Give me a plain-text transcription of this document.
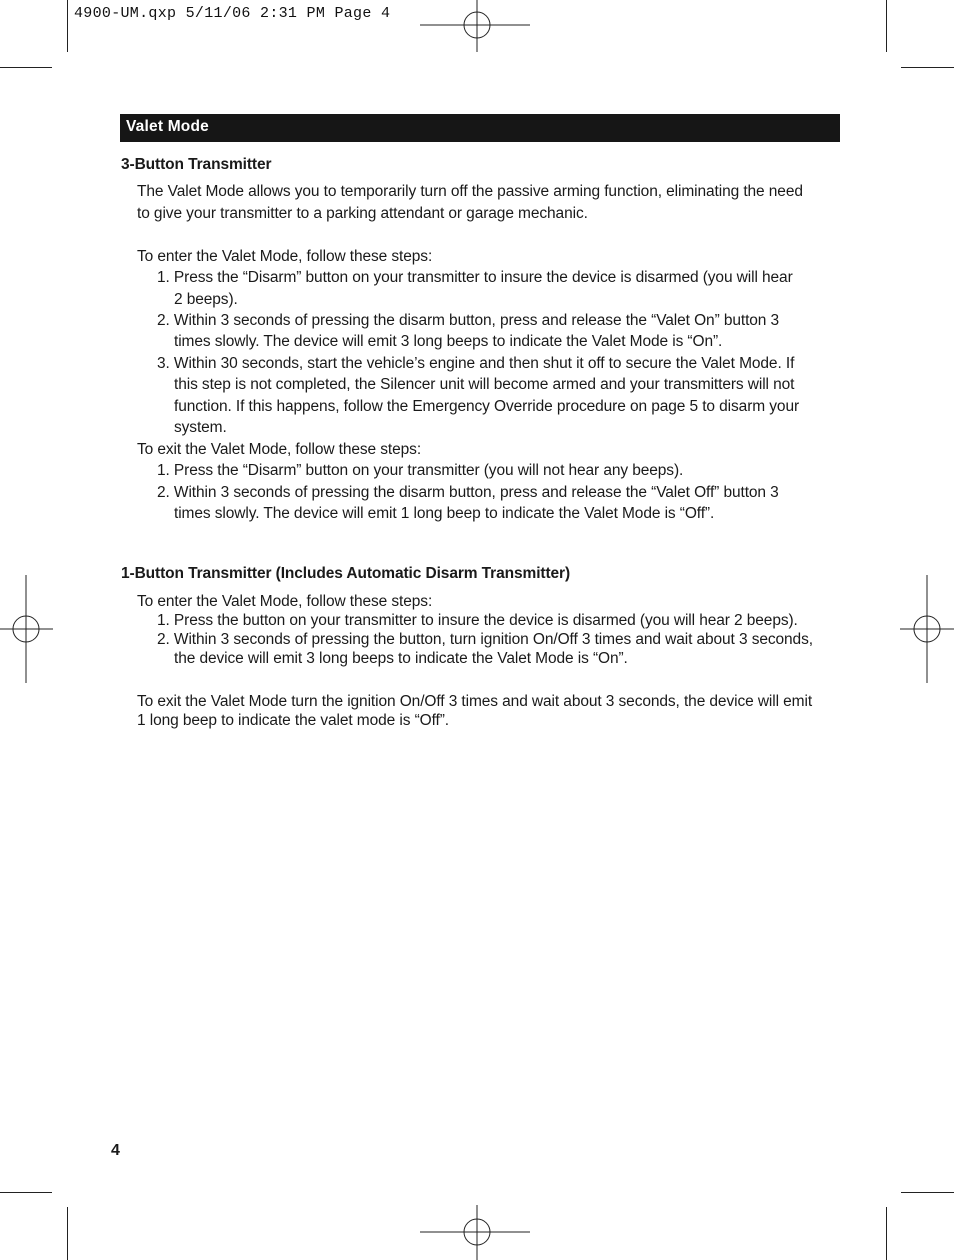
4900-UM.qxp 5/11/06 2:31 PM Page 4
Valet Mode
3-Button Transmitter
The Valet Mode allows you to temporarily turn off the passive arming function, eliminating the need
to give your transmitter to a parking attendant or garage mechanic.
To enter the Valet Mode, follow these steps:
1. Press the “Disarm” button on your transmitter to insure the device is disarmed (you will hear
2 beeps).
2. Within 3 seconds of pressing the disarm button, press and release the “Valet On” button 3
times slowly. The device will emit 3 long beeps to indicate the Valet Mode is “On”.
3. Within 30 seconds, start the vehicle’s engine and then shut it off to secure the Valet Mode. If
this step is not completed, the Silencer unit will become armed and your transmitters will not
function. If this happens, follow the Emergency Override procedure on page 5 to disarm your
system.
To exit the Valet Mode, follow these steps:
1. Press the “Disarm” button on your transmitter (you will not hear any beeps).
2. Within 3 seconds of pressing the disarm button, press and release the “Valet Off” button 3
times slowly. The device will emit 1 long beep to indicate the Valet Mode is “Off”.
1-Button Transmitter (Includes Automatic Disarm Transmitter)
To enter the Valet Mode, follow these steps:
1. Press the button on your transmitter to insure the device is disarmed (you will hear 2 beeps).
2. Within 3 seconds of pressing the button, turn ignition On/Off 3 times and wait about 3 seconds,
the device will emit 3 long beeps to indicate the Valet Mode is “On”.
To exit the Valet Mode turn the ignition On/Off 3 times and wait about 3 seconds, the device will emit
1 long beep to indicate the valet mode is “Off”.
4
